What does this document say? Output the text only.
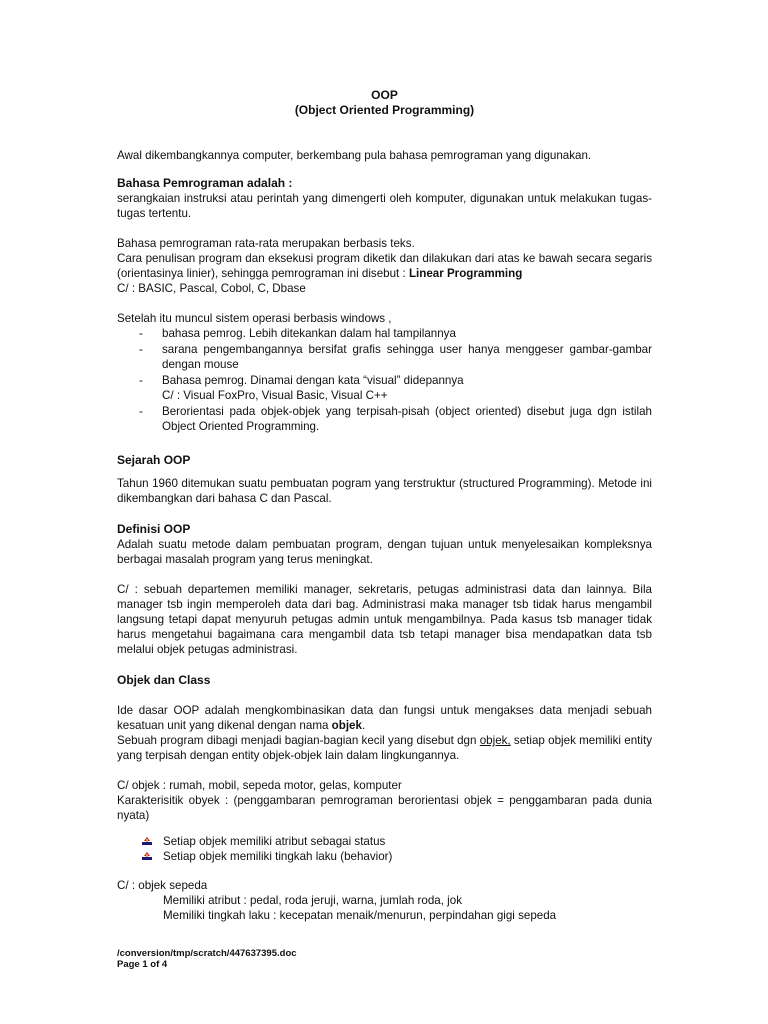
OOP
(Object Oriented Programming)

Awal dikembangkannya computer, berkembang pula bahasa pemrograman yang digunakan.

Bahasa Pemrograman adalah :

serangkaian instruksi atau perintah yang dimengerti oleh komputer, digunakan untuk melakukan tugas-tugas tertentu.

Bahasa pemrograman rata-rata merupakan berbasis teks.

Cara penulisan program dan eksekusi program diketik dan dilakukan dari atas ke bawah secara segaris (orientasinya linier), sehingga pemrograman ini disebut : Linear Programming

C/ : BASIC, Pascal, Cobol, C, Dbase

Setelah itu muncul sistem operasi berbasis windows ,

- bahasa pemrog. Lebih ditekankan dalam hal tampilannya
- sarana pengembangannya bersifat grafis sehingga user hanya menggeser gambar-gambar dengan mouse
- Bahasa pemrog. Dinamai dengan kata “visual” didepannya
C/ : Visual FoxPro, Visual Basic, Visual C++
- Berorientasi pada objek-objek yang terpisah-pisah (object oriented) disebut juga dgn istilah Object Oriented Programming.

Sejarah OOP

Tahun 1960 ditemukan suatu pembuatan pogram yang terstruktur (structured Programming). Metode ini dikembangkan dari bahasa C dan Pascal.

Definisi OOP

Adalah suatu metode dalam pembuatan program, dengan tujuan untuk menyelesaikan kompleksnya berbagai masalah program yang terus meningkat.

C/ : sebuah departemen memiliki manager, sekretaris, petugas administrasi data dan lainnya. Bila manager tsb ingin memperoleh data dari bag. Administrasi maka manager tsb tidak harus mengambil langsung tetapi dapat menyuruh petugas admin untuk mengambilnya. Pada kasus tsb manager tidak harus mengetahui bagaimana cara mengambil data tsb tetapi manager bisa mendapatkan data tsb melalui objek petugas administrasi.

Objek dan Class

Ide dasar OOP adalah mengkombinasikan data dan fungsi untuk mengakses data menjadi sebuah kesatuan unit yang dikenal dengan nama objek.

Sebuah program dibagi menjadi bagian-bagian kecil yang disebut dgn objek, setiap objek memiliki entity yang terpisah dengan entity objek-objek lain dalam lingkungannya.

C/ objek : rumah, mobil, sepeda motor, gelas, komputer

Karakterisitik obyek : (penggambaran pemrograman berorientasi objek = penggambaran pada dunia nyata)

Setiap objek memiliki atribut sebagai status
Setiap objek memiliki tingkah laku (behavior)

C/ : objek sepeda

Memiliki atribut : pedal, roda jeruji, warna, jumlah roda, jok

Memiliki tingkah laku : kecepatan menaik/menurun, perpindahan gigi sepeda

/conversion/tmp/scratch/447637395.doc
Page 1 of 4
